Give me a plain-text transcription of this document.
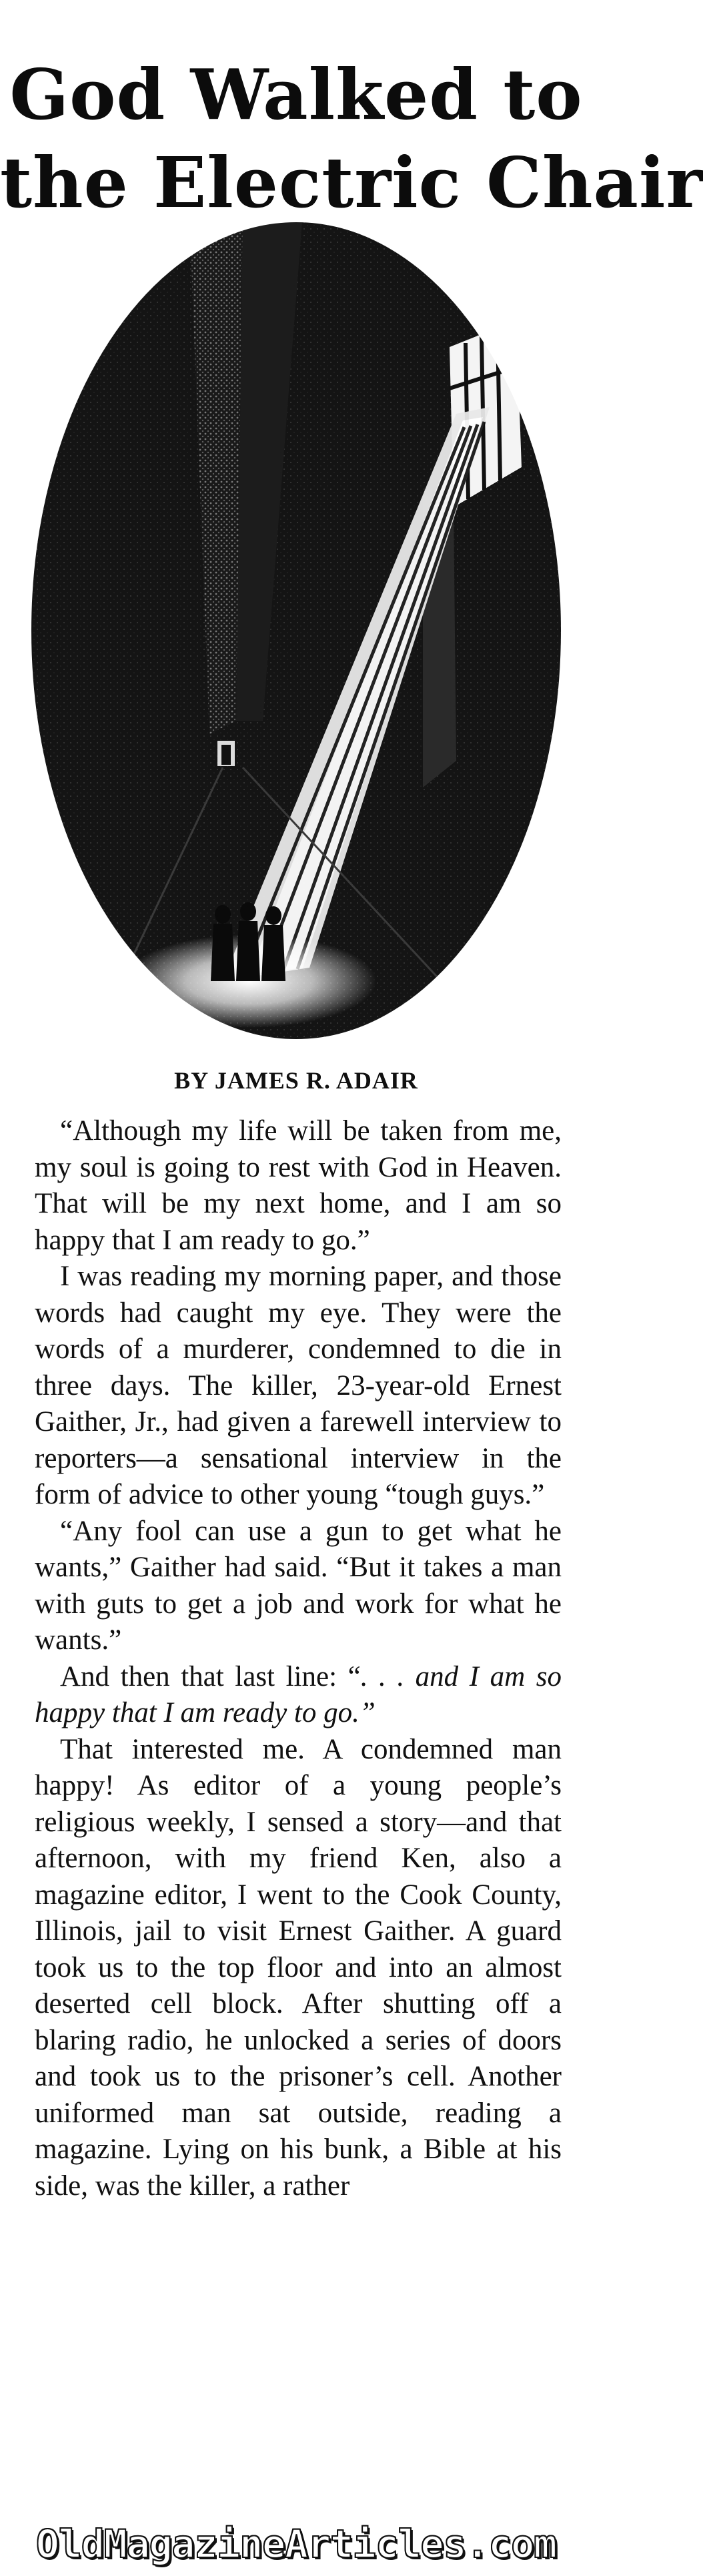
God Walked to
the Electric Chair
BY JAMES R. ADAIR

“Although my life will be taken from me, my soul is going to rest with God in Heaven. That will be my next home, and I am so happy that I am ready to go.”

I was reading my morning paper, and those words had caught my eye. They were the words of a murderer, condemned to die in three days. The killer, 23-year-old Ernest Gaither, Jr., had given a farewell interview to reporters—a sensational interview in the form of advice to other young “tough guys.”

“Any fool can use a gun to get what he wants,” Gaither had said. “But it takes a man with guts to get a job and work for what he wants.”

And then that last line: “. . . and I am so happy that I am ready to go.”

That interested me. A condemned man happy! As editor of a young people’s religious weekly, I sensed a story—and that afternoon, with my friend Ken, also a magazine editor, I went to the Cook County, Illinois, jail to visit Ernest Gaither. A guard took us to the top floor and into an almost deserted cell block. After shutting off a blaring radio, he unlocked a series of doors and took us to the prisoner’s cell. Another uniformed man sat outside, reading a magazine. Lying on his bunk, a Bible at his side, was the killer, a rather

OldMagazineArticles.com
